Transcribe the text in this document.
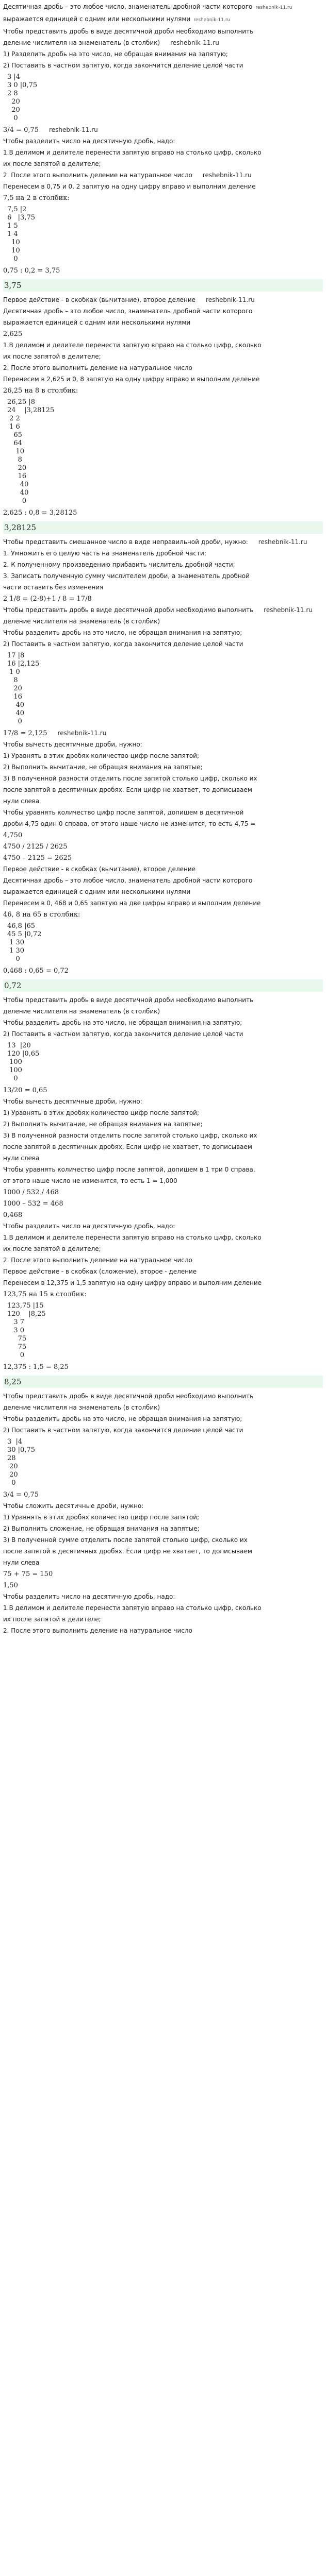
Десятичная дробь – это любое число, знаменатель дробной части которого reshebnik-11.ru
выражается единицей с одним или несколькими нулями reshebnik-11.ru
Чтобы представить дробь в виде десятичной дроби необходимо выполнить
деление числителя на знаменатель (в столбик) reshebnik-11.ru
1) Разделить дробь на это число, не обращая внимания на запятую;
2) Поставить в частном запятую, когда закончится деление целой части
3 |4
3 0 |0,75
2 8
20
20
0
3/4 = 0,75 reshebnik-11.ru
Чтобы разделить число на десятичную дробь, надо:
1.В делимом и делителе перенести запятую вправо на столько цифр, сколько
их после запятой в делителе;
2. После этого выполнить деление на натуральное число reshebnik-11.ru
Перенесем в 0,75 и 0, 2 запятую на одну цифру вправо и выполним деление
7,5 на 2 в столбик:
7,5 |2
6   |3,75
1 5
1 4
10
10
0
0,75 : 0,2 = 3,75
3,75
Первое действие - в скобках (вычитание), второе деление reshebnik-11.ru
Десятичная дробь – это любое число, знаменатель дробной части которого
выражается единицей с одним или несколькими нулями
2,625
1.В делимом и делителе перенести запятую вправо на столько цифр, сколько
их после запятой в делителе;
2. После этого выполнить деление на натуральное число
Перенесем в 2,625 и 0, 8 запятую на одну цифру вправо и выполним деление
26,25 на 8 в столбик:
26,25 |8
24    |3,28125
2 2
1 6
65
64
10
8
20
16
40
40
0
2,625 : 0,8 = 3,28125
3,28125
Чтобы представить смешанное число в виде неправильной дроби, нужно: reshebnik-11.ru
1. Умножить его целую часть на знаменатель дробной части;
2. К полученному произведению прибавить числитель дробной части;
3. Записать полученную сумму числителем дроби, а знаменатель дробной
части оставить без изменения
2 1/8 = (2·8)+1 / 8 = 17/8
Чтобы представить дробь в виде десятичной дроби необходимо выполнить reshebnik-11.ru
деление числителя на знаменатель (в столбик)
Чтобы разделить дробь на это число, не обращая внимания на запятую;
2) Поставить в частном запятую, когда закончится деление целой части
17 |8
16 |2,125
1 0
8
20
16
40
40
0
17/8 = 2,125 reshebnik-11.ru
Чтобы вычесть десятичные дроби, нужно:
1) Уравнять в этих дробях количество цифр после запятой;
2) Выполнить вычитание, не обращая внимания на запятые;
3) В полученной разности отделить после запятой столько цифр, сколько их
после запятой в десятичных дробях. Если цифр не хватает, то дописываем
нули слева
Чтобы уравнять количество цифр после запятой, допишем в десятичной
дроби 4,75 один 0 справа, от этого наше число не изменится, то есть 4,75 =
4,750
4750 / 2125 / 2625
4750 – 2125 = 2625
Первое действие - в скобках (вычитание), второе деление
Десятичная дробь – это любое число, знаменатель дробной части которого
выражается единицей с одним или несколькими нулями
Перенесем в 0, 468 и 0,65 запятую на две цифры вправо и выполним деление
46, 8 на 65 в столбик:
46,8 |65
45 5 |0,72
1 30
1 30
0
0,468 : 0,65 = 0,72
0,72
Чтобы представить дробь в виде десятичной дроби необходимо выполнить
деление числителя на знаменатель (в столбик)
Чтобы разделить дробь на это число, не обращая внимания на запятую;
2) Поставить в частном запятую, когда закончится деление целой части
13  |20
120 |0,65
100
100
0
13/20 = 0,65
Чтобы вычесть десятичные дроби, нужно:
1) Уравнять в этих дробях количество цифр после запятой;
2) Выполнить вычитание, не обращая внимания на запятые;
3) В полученной разности отделить после запятой столько цифр, сколько их
после запятой в десятичных дробях. Если цифр не хватает, то дописываем
нули слева
Чтобы уравнять количество цифр после запятой, допишем в 1 три 0 справа,
от этого наше число не изменится, то есть 1 = 1,000
1000 / 532 / 468
1000 – 532 = 468
0,468
Чтобы разделить число на десятичную дробь, надо:
1.В делимом и делителе перенести запятую вправо на столько цифр, сколько
их после запятой в делителе;
2. После этого выполнить деление на натуральное число
Первое действие - в скобках (сложение), второе - деление
Перенесем в 12,375 и 1,5 запятую на одну цифру вправо и выполним деление
123,75 на 15 в столбик:
123,75 |15
120    |8,25
3 7
3 0
75
75
0
12,375 : 1,5 = 8,25
8,25
Чтобы представить дробь в виде десятичной дроби необходимо выполнить
деление числителя на знаменатель (в столбик)
Чтобы разделить дробь на это число, не обращая внимания на запятую;
2) Поставить в частном запятую, когда закончится деление целой части
3  |4
30 |0,75
28
20
20
0
3/4 = 0,75
Чтобы сложить десятичные дроби, нужно:
1) Уравнять в этих дробях количество цифр после запятой;
2) Выполнить сложение, не обращая внимания на запятые;
3) В полученной сумме отделить после запятой столько цифр, сколько их
после запятой в десятичных дробях. Если цифр не хватает, то дописываем
нули слева
75 + 75 = 150
1,50
Чтобы разделить число на десятичную дробь, надо:
1.В делимом и делителе перенести запятую вправо на столько цифр, сколько
их после запятой в делителе;
2. После этого выполнить деление на натуральное число
